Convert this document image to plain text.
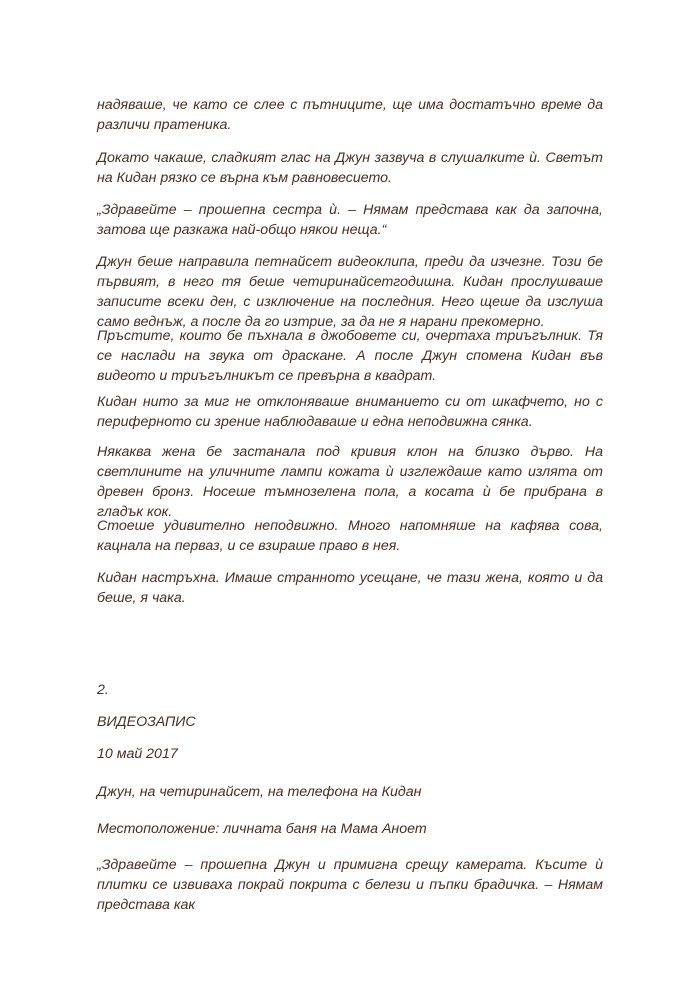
надяваше, че като се слее с пътниците, ще има достатъчно време да различи пратеника.

Докато чакаше, сладкият глас на Джун зазвуча в слушалките ѝ. Светът на Кидан рязко се върна към равновесието.

„Здравейте – прошепна сестра ѝ. – Нямам представа как да започна, затова ще разкажа най-общо някои неща.“

Джун беше направила петнайсет видеоклипа, преди да изчезне. Този бе първият, в него тя беше четиринайсетгодишна. Кидан прослушваше записите всеки ден, с изключение на последния. Него щеше да изслуша само веднъж, а после да го изтрие, за да не я нарани прекомерно.

Пръстите, които бе пъхнала в джобовете си, очертаха триъгълник. Тя се наслади на звука от драскане. А после Джун спомена Кидан във видеото и триъгълникът се превърна в квадрат.

Кидан нито за миг не отклоняваше вниманието си от шкафчето, но с периферното си зрение наблюдаваше и една неподвижна сянка.

Някаква жена бе застанала под кривия клон на близко дърво. На светлините на уличните лампи кожата ѝ изглеждаше като излята от древен бронз. Носеше тъмнозелена пола, а косата ѝ бе прибрана в гладък кок.

Стоеше удивително неподвижно. Много напомняше на кафява сова, кацнала на перваз, и се взираше право в нея.

Кидан настръхна. Имаше странното усещане, че тази жена, която и да беше, я чака.

2.

ВИДЕОЗАПИС

10 май 2017

Джун, на четиринайсет, на телефона на Кидан

Местоположение: личната баня на Мама Аноет

„Здравейте – прошепна Джун и примигна срещу камерата. Късите ѝ плитки се извиваха покрай покрита с белези и пъпки брадичка. – Нямам представа как
